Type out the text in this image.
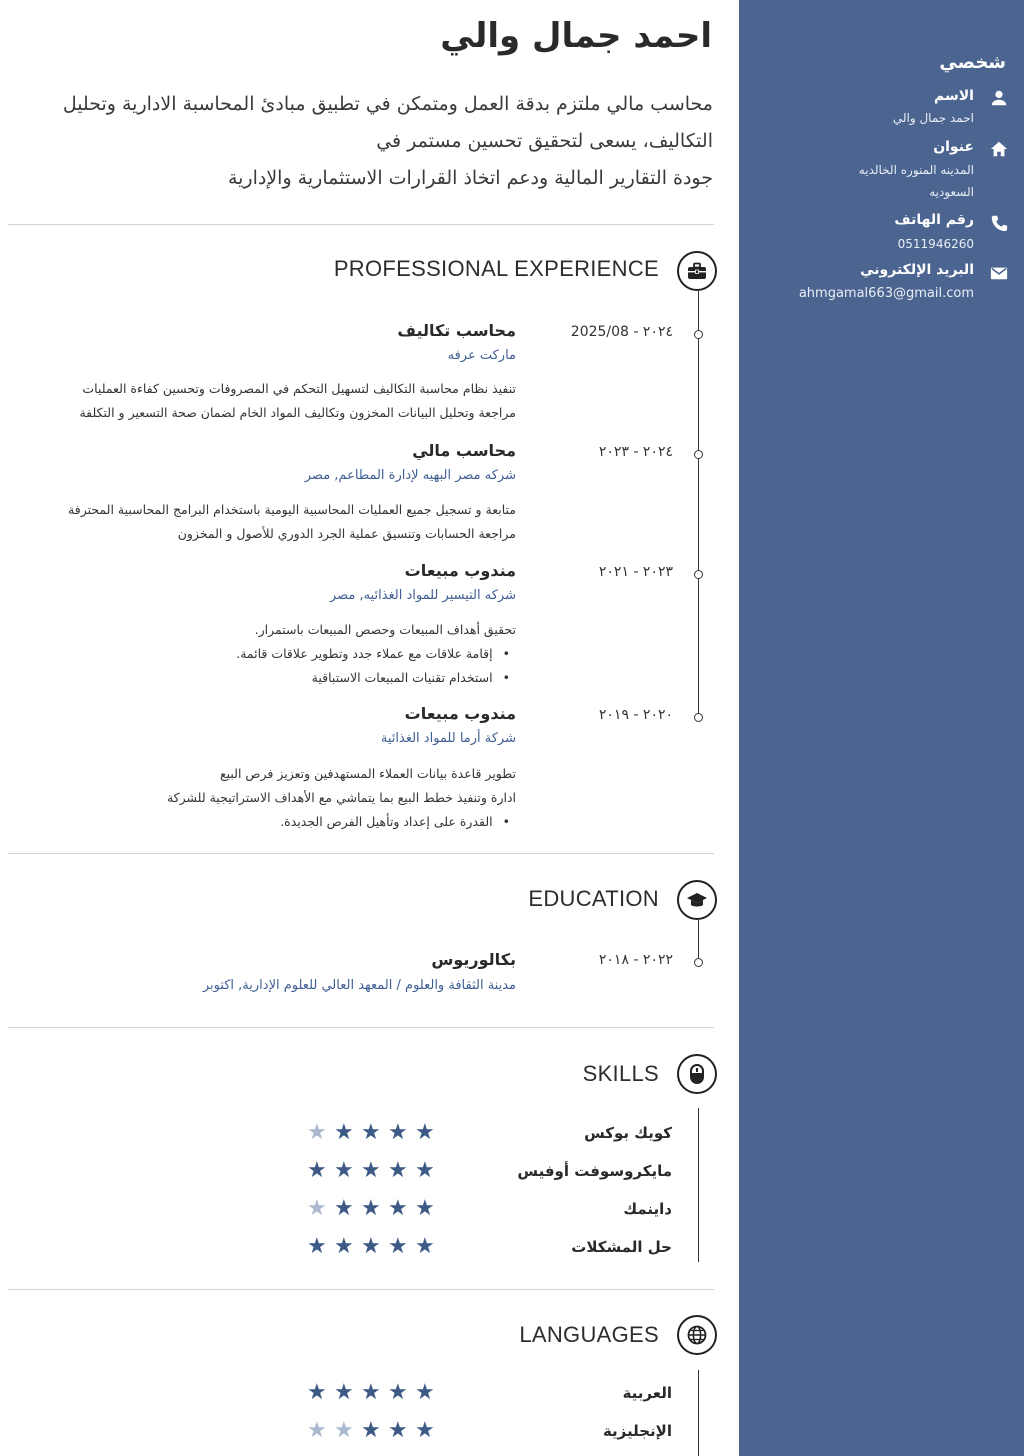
شخصي
الاسم
احمد جمال والي
عنوان
المدينه المنوره الخالديه
السعوديه
رقم الهاتف
0511946260
البريد الإلكتروني
ahmgamal663@gmail.com
احمد جمال والي
محاسب مالي ملتزم بدقة العمل ومتمكن في تطبيق مبادئ المحاسبة الادارية وتحليل
التكاليف، يسعى لتحقيق تحسين مستمر في
جودة التقارير المالية ودعم اتخاذ القرارات الاستثمارية والإدارية
PROFESSIONAL EXPERIENCE
2025/08 - ٢٠٢٤
محاسب تكاليف
ماركت عرفه
تنفيذ نظام محاسبة التكاليف لتسهيل التحكم في المصروفات وتحسين كفاءة العمليات
مراجعة وتحليل البيانات المخزون وتكاليف المواد الخام لضمان صحة التسعير و التكلفة
٢٠٢٤ - ٢٠٢٣
محاسب مالي
شركه مصر البهيه لإدارة المطاعم, مصر
متابعة و تسجيل جميع العمليات المحاسبية اليومية باستخدام البرامج المحاسبية المحترفة
مراجعة الحسابات وتنسيق عملية الجرد الدوري للأصول و المخزون
٢٠٢٣ - ٢٠٢١
مندوب مبيعات
شركه التيسير للمواد الغذائيه, مصر
تحقيق أهداف المبيعات وحصص المبيعات باستمرار.
• إقامة علاقات مع عملاء جدد وتطوير علاقات قائمة.
• استخدام تقنيات المبيعات الاستباقية
٢٠٢٠ - ٢٠١٩
مندوب مبيعات
شركة أرما للمواد الغذائية
تطوير قاعدة بيانات العملاء المستهدفين وتعزيز فرص البيع
ادارة وتنفيذ خطط البيع بما يتماشي مع الأهداف الاستراتيجية للشركة
• القدرة على إعداد وتأهيل الفرص الجديدة.
EDUCATION
٢٠٢٢ - ٢٠١٨
بكالوريوس
مدينة الثقافة والعلوم / المعهد العالي للعلوم الإدارية, اكتوبر
SKILLS
كويك بوكس
★ ★ ★ ★ ★
مايكروسوفت أوفيس
★ ★ ★ ★ ★
داينمك
★ ★ ★ ★ ★
حل المشكلات
★ ★ ★ ★ ★
LANGUAGES
العربية
★ ★ ★ ★ ★
الإنجليزية
★ ★ ★ ★ ★
